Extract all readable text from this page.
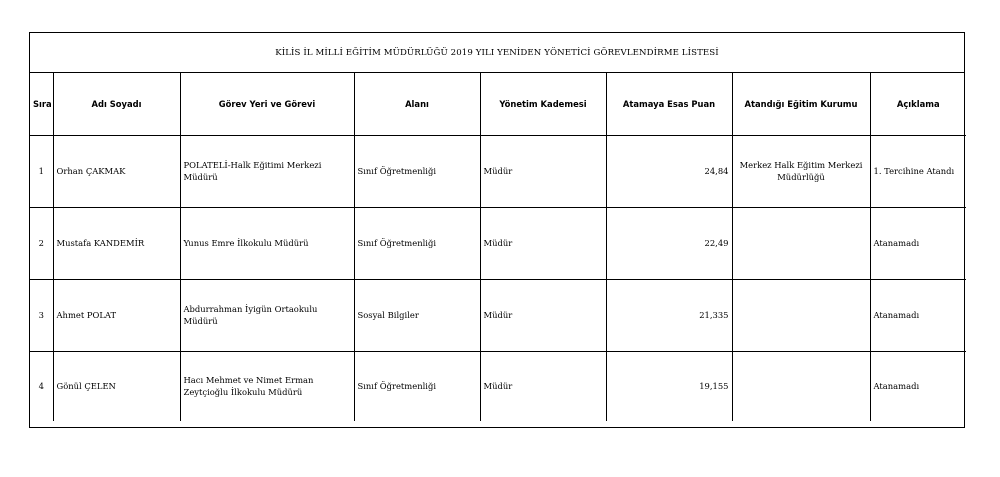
KİLİS İL MİLLİ EĞİTİM MÜDÜRLÜĞÜ 2019 YILI YENİDEN YÖNETİCİ GÖREVLENDİRME LİSTESİ
Sıra	Adı Soyadı	Görev Yeri ve Görevi	Alanı	Yönetim Kademesi	Atamaya Esas Puan	Atandığı Eğitim Kurumu	Açıklama
1	Orhan ÇAKMAK	POLATELİ-Halk Eğitimi Merkezi Müdürü	Sınıf Öğretmenliği	Müdür	24,84	Merkez Halk Eğitim Merkezi Müdürlüğü	1. Tercihine Atandı
2	Mustafa KANDEMİR	Yunus Emre İlkokulu Müdürü	Sınıf Öğretmenliği	Müdür	22,49		Atanamadı
3	Ahmet POLAT	Abdurrahman İyigün Ortaokulu Müdürü	Sosyal Bilgiler	Müdür	21,335		Atanamadı
4	Gönül ÇELEN	Hacı Mehmet ve Nimet Erman Zeytçioğlu İlkokulu Müdürü	Sınıf Öğretmenliği	Müdür	19,155		Atanamadı
